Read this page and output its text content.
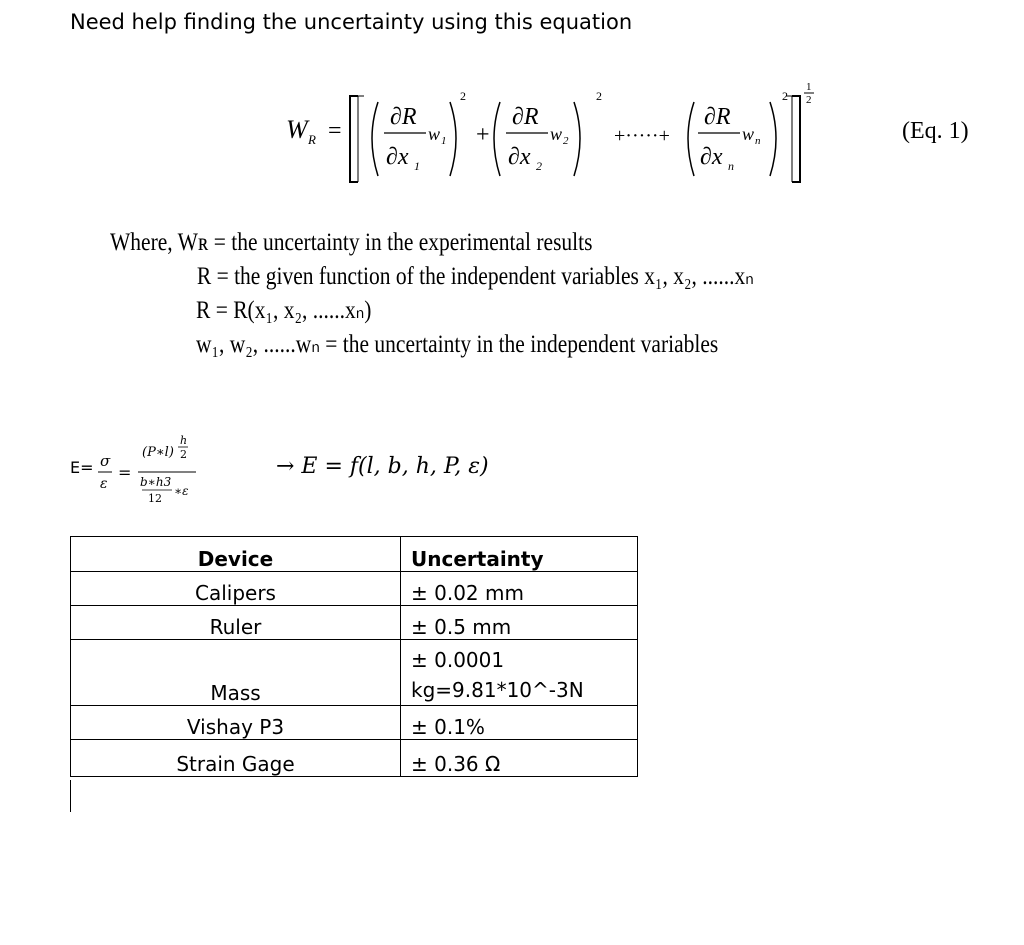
Need help finding the uncertainty using this equation
W R =
∂R
∂x 1
w 1
2
+
∂R
∂x 2
w 2
2
+·····+
∂R
∂x n
w n
2
1
2
(Eq. 1)
Where, Wʀ = the uncertainty in the experimental results
R = the given function of the independent variables x₁, x₂, ......xₙ
R = R(x₁, x₂, ......xₙ)
w₁, w₂, ......wₙ = the uncertainty in the independent variables
E= σ
ε
=
(P∗l)
h
2
b∗h3
12
∗ε
→ E = f(l, b, h, P, ε)
Device	Uncertainty
Calipers	± 0.02 mm
Ruler	± 0.5 mm
Mass	± 0.0001
kg=9.81*10^-3N

Vishay P3	± 0.1%
Strain Gage	± 0.36 Ω
